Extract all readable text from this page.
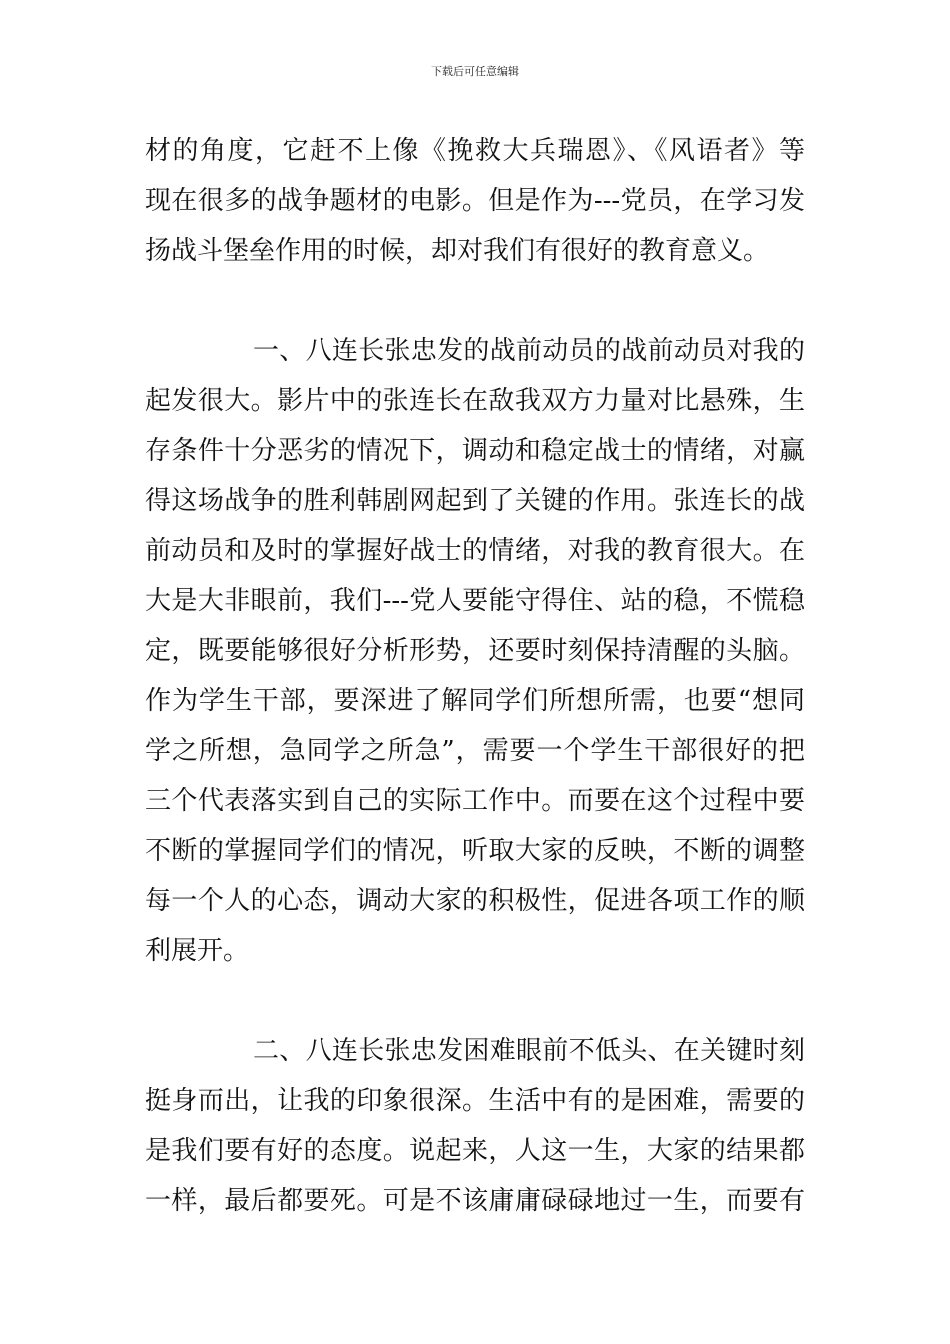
下载后可任意编辑
材的角度，它赶不上像《挽救大兵瑞恩》、《风语者》等
现在很多的战争题材的电影。但是作为---党员，在学习发
扬战斗堡垒作用的时候，却对我们有很好的教育意义。
一、八连长张忠发的战前动员的战前动员对我的
起发很大。影片中的张连长在敌我双方力量对比悬殊，生
存条件十分恶劣的情况下，调动和稳定战士的情绪，对赢
得这场战争的胜利韩剧网起到了关键的作用。张连长的战
前动员和及时的掌握好战士的情绪，对我的教育很大。在
大是大非眼前，我们---党人要能守得住、站的稳，不慌稳
定，既要能够很好分析形势，还要时刻保持清醒的头脑。
作为学生干部，要深进了解同学们所想所需，也要“想同
学之所想，急同学之所急”，需要一个学生干部很好的把
三个代表落实到自己的实际工作中。而要在这个过程中要
不断的掌握同学们的情况，听取大家的反映，不断的调整
每一个人的心态，调动大家的积极性，促进各项工作的顺
利展开。
二、八连长张忠发困难眼前不低头、在关键时刻
挺身而出，让我的印象很深。生活中有的是困难，需要的
是我们要有好的态度。说起来，人这一生，大家的结果都
一样，最后都要死。可是不该庸庸碌碌地过一生，而要有
